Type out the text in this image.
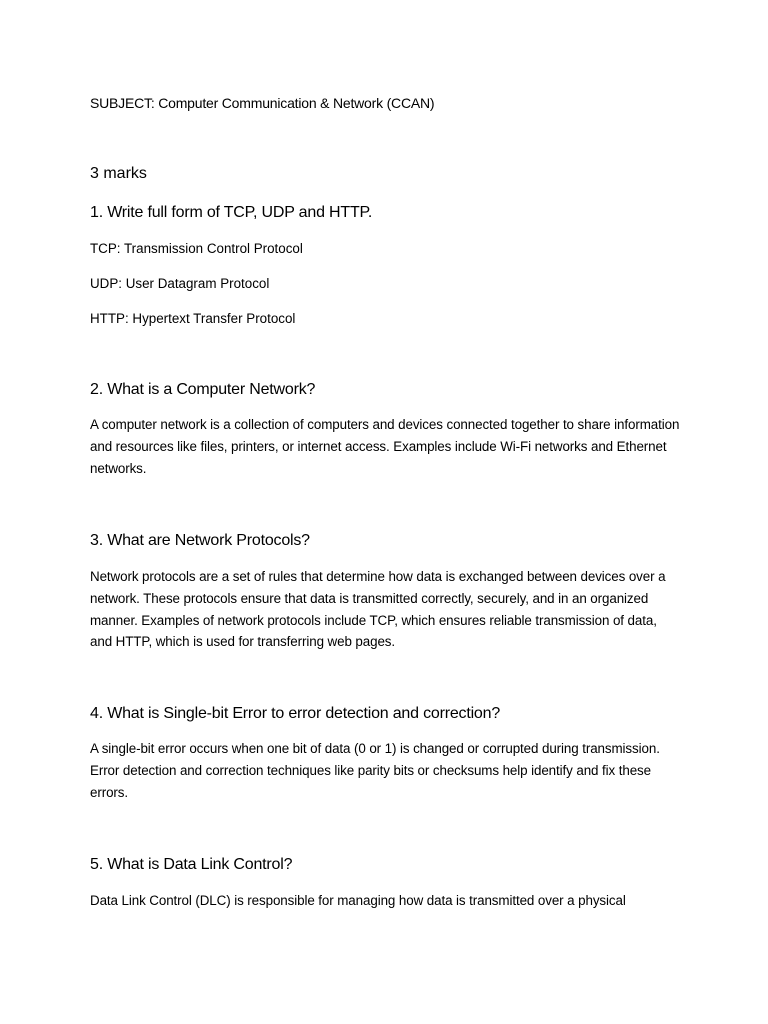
SUBJECT: Computer Communication & Network (CCAN)
3 marks
1. Write full form of TCP, UDP and HTTP.
TCP: Transmission Control Protocol
UDP: User Datagram Protocol
HTTP: Hypertext Transfer Protocol
2. What is a Computer Network?
A computer network is a collection of computers and devices connected together to share information and resources like files, printers, or internet access. Examples include Wi-Fi networks and Ethernet networks.
3. What are Network Protocols?
Network protocols are a set of rules that determine how data is exchanged between devices over a network. These protocols ensure that data is transmitted correctly, securely, and in an organized manner. Examples of network protocols include TCP, which ensures reliable transmission of data, and HTTP, which is used for transferring web pages.
4. What is Single-bit Error to error detection and correction?
A single-bit error occurs when one bit of data (0 or 1) is changed or corrupted during transmission. Error detection and correction techniques like parity bits or checksums help identify and fix these errors.
5. What is Data Link Control?
Data Link Control (DLC) is responsible for managing how data is transmitted over a physical
